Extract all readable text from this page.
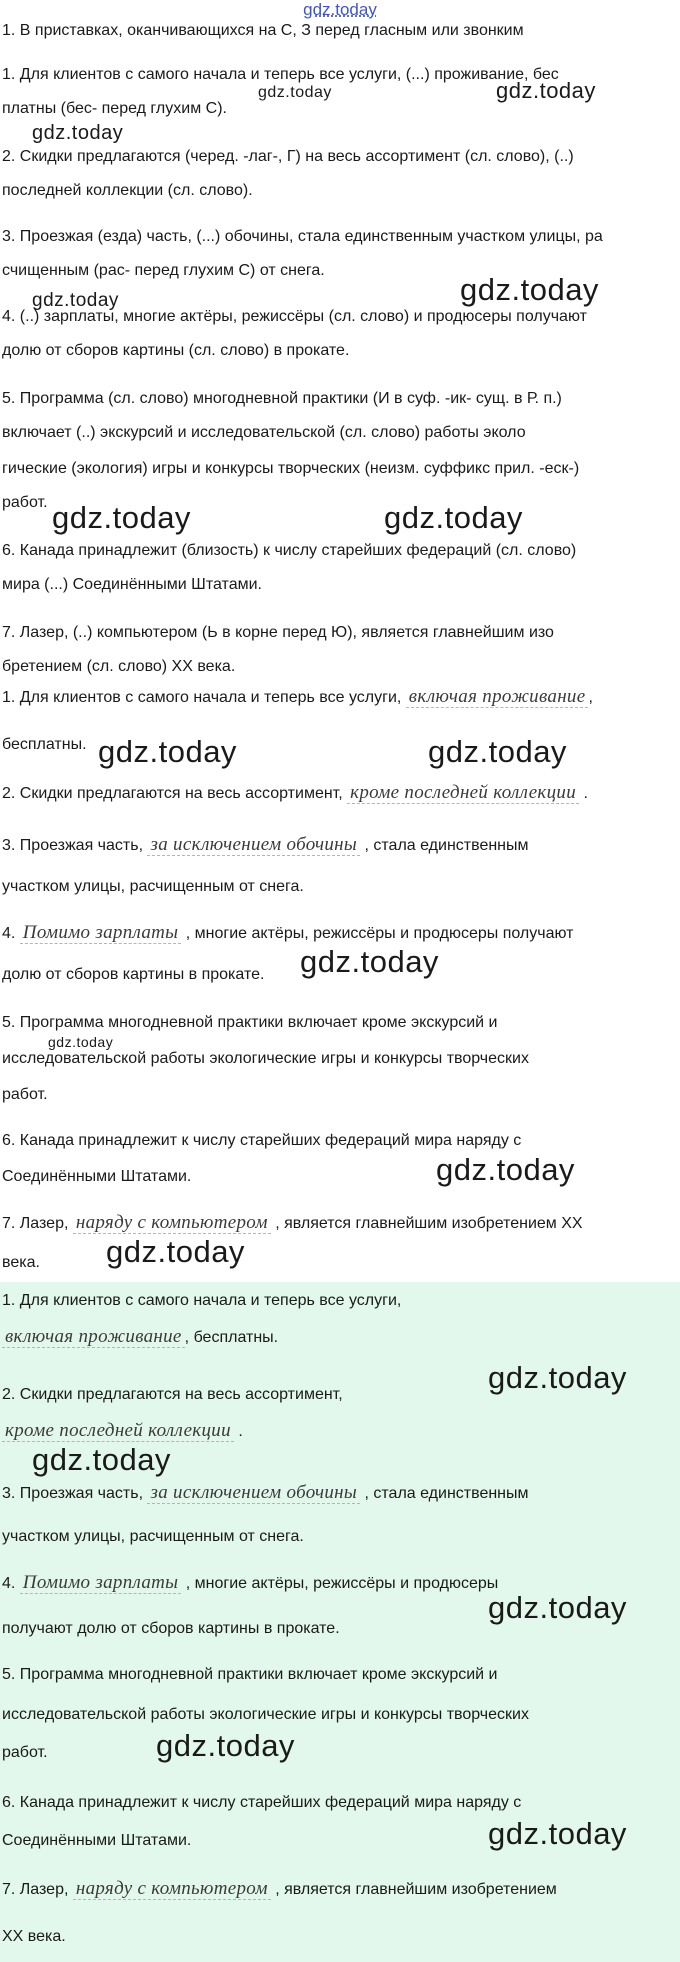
gdz.today
1. В приставках, оканчивающихся на С, З перед гласным или звонким
1. Для клиентов с самого начала и теперь все услуги, (...) проживание, бес
платны (бес- перед глухим С).
2. Скидки предлагаются (черед. -лаг-, Г) на весь ассортимент (сл. слово), (..)
последней коллекции (сл. слово).
3. Проезжая (езда) часть, (...) обочины, стала единственным участком улицы, ра
счищенным (рас- перед глухим С) от снега.
4. (..) зарплаты, многие актёры, режиссёры (сл. слово) и продюсеры получают
долю от сборов картины (сл. слово) в прокате.
5. Программа (сл. слово) многодневной практики (И в суф. -ик- сущ. в Р. п.)
включает (..) экскурсий и исследовательской (сл. слово) работы эколо
гические (экология) игры и конкурсы творческих (неизм. суффикс прил. -еск-)
работ.
6. Канада принадлежит (близость) к числу старейших федераций (сл. слово)
мира (...) Соединёнными Штатами.
7. Лазер, (..) компьютером (Ь в корне перед Ю), является главнейшим изо
бретением (сл. слово) XX века.
gdz.today	gdz.today
gdz.today
gdz.today	gdz.today
gdz.today	gdz.today
1. Для клиентов с самого начала и теперь все услуги, включая проживание ,
бесплатны.
2. Скидки предлагаются на весь ассортимент, кроме последней коллекции .
3. Проезжая часть, за исключением обочины , стала единственным
участком улицы, расчищенным от снега.
4. Помимо зарплаты , многие актёры, режиссёры и продюсеры получают
долю от сборов картины в прокате.
5. Программа многодневной практики включает кроме экскурсий и
исследовательской работы экологические игры и конкурсы творческих
работ.
6. Канада принадлежит к числу старейших федераций мира наряду с
Соединёнными Штатами.
7. Лазер, наряду с компьютером , является главнейшим изобретением XX
века.
gdz.today	gdz.today
gdz.today
gdz.today
gdz.today
gdz.today
1. Для клиентов с самого начала и теперь все услуги,
включая проживание , бесплатны.
2. Скидки предлагаются на весь ассортимент,
кроме последней коллекции .
3. Проезжая часть, за исключением обочины , стала единственным
участком улицы, расчищенным от снега.
4. Помимо зарплаты , многие актёры, режиссёры и продюсеры
получают долю от сборов картины в прокате.
5. Программа многодневной практики включает кроме экскурсий и
исследовательской работы экологические игры и конкурсы творческих
работ.
6. Канада принадлежит к числу старейших федераций мира наряду с
Соединёнными Штатами.
7. Лазер, наряду с компьютером , является главнейшим изобретением
XX века.
gdz.today
gdz.today
gdz.today
gdz.today
gdz.today
